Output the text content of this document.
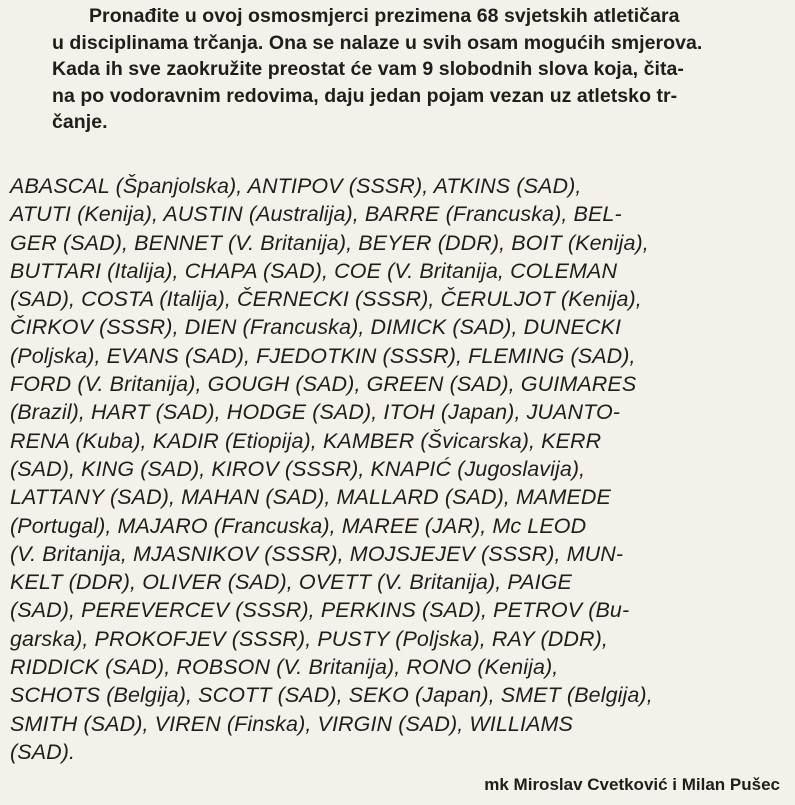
Pronađite u ovoj osmosmjerci prezimena 68 svjetskih atletičara
u disciplinama trčanja. Ona se nalaze u svih osam mogućih smjerova.
Kada ih sve zaokružite preostat će vam 9 slobodnih slova koja, čita-
na po vodoravnim redovima, daju jedan pojam vezan uz atletsko tr-
čanje.
ABASCAL (Španjolska), ANTIPOV (SSSR), ATKINS (SAD),
ATUTI (Kenija), AUSTIN (Australija), BARRE (Francuska), BEL-
GER (SAD), BENNET (V. Britanija), BEYER (DDR), BOIT (Kenija),
BUTTARI (Italija), CHAPA (SAD), COE (V. Britanija, COLEMAN
(SAD), COSTA (Italija), ČERNECKI (SSSR), ČERULJOT (Kenija),
ČIRKOV (SSSR), DIEN (Francuska), DIMICK (SAD), DUNECKI
(Poljska), EVANS (SAD), FJEDOTKIN (SSSR), FLEMING (SAD),
FORD (V. Britanija), GOUGH (SAD), GREEN (SAD), GUIMARES
(Brazil), HART (SAD), HODGE (SAD), ITOH (Japan), JUANTO-
RENA (Kuba), KADIR (Etiopija), KAMBER (Švicarska), KERR
(SAD), KING (SAD), KIROV (SSSR), KNAPIĆ (Jugoslavija),
LATTANY (SAD), MAHAN (SAD), MALLARD (SAD), MAMEDE
(Portugal), MAJARO (Francuska), MAREE (JAR), Mc LEOD
(V. Britanija, MJASNIKOV (SSSR), MOJSJEJEV (SSSR), MUN-
KELT (DDR), OLIVER (SAD), OVETT (V. Britanija), PAIGE
(SAD), PEREVERCEV (SSSR), PERKINS (SAD), PETROV (Bu-
garska), PROKOFJEV (SSSR), PUSTY (Poljska), RAY (DDR),
RIDDICK (SAD), ROBSON (V. Britanija), RONO (Kenija),
SCHOTS (Belgija), SCOTT (SAD), SEKO (Japan), SMET (Belgija),
SMITH (SAD), VIREN (Finska), VIRGIN (SAD), WILLIAMS
(SAD).

mk Miroslav Cvetković i Milan Pušec
